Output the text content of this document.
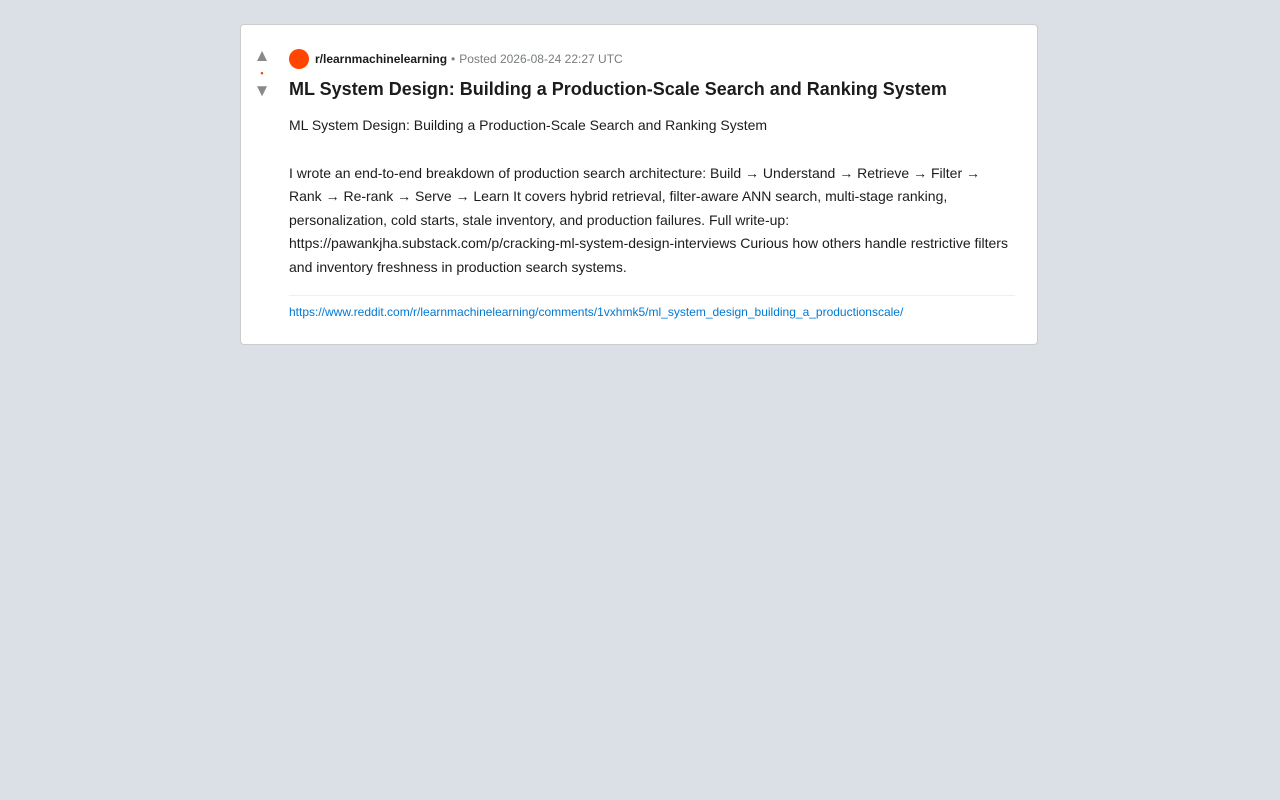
▲
•
▼
r/learnmachinelearning • Posted 2026-08-24 22:27 UTC
ML System Design: Building a Production-Scale Search and Ranking System

ML System Design: Building a Production-Scale Search and Ranking System

I wrote an end-to-end breakdown of production search architecture: Build → Understand → Retrieve → Filter → Rank → Re-rank → Serve → Learn It covers hybrid retrieval, filter-aware ANN search, multi-stage ranking, personalization, cold starts, stale inventory, and production failures. Full write-up: https://pawankjha.substack.com/p/cracking-ml-system-design-interviews Curious how others handle restrictive filters and inventory freshness in production search systems.

https://www.reddit.com/r/learnmachinelearning/comments/1vxhmk5/ml_system_design_building_a_productionscale/
